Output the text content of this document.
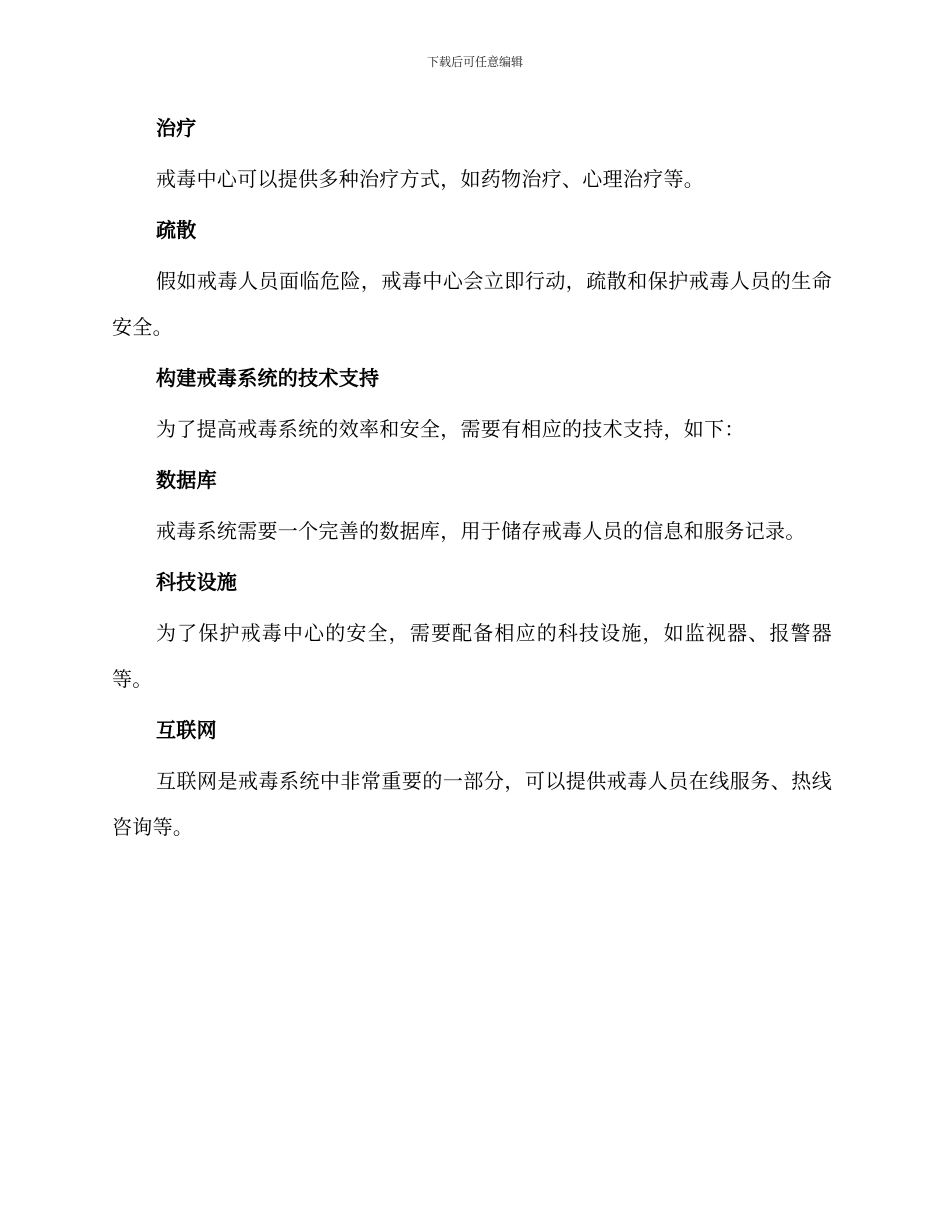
下载后可任意编辑
治疗
戒毒中心可以提供多种治疗方式，如药物治疗、心理治疗等。
疏散
假如戒毒人员面临危险，戒毒中心会立即行动，疏散和保护戒毒人员的生命安全。
构建戒毒系统的技术支持
为了提高戒毒系统的效率和安全，需要有相应的技术支持，如下：
数据库
戒毒系统需要一个完善的数据库，用于储存戒毒人员的信息和服务记录。
科技设施
为了保护戒毒中心的安全，需要配备相应的科技设施，如监视器、报警器等。
互联网
互联网是戒毒系统中非常重要的一部分，可以提供戒毒人员在线服务、热线咨询等。
